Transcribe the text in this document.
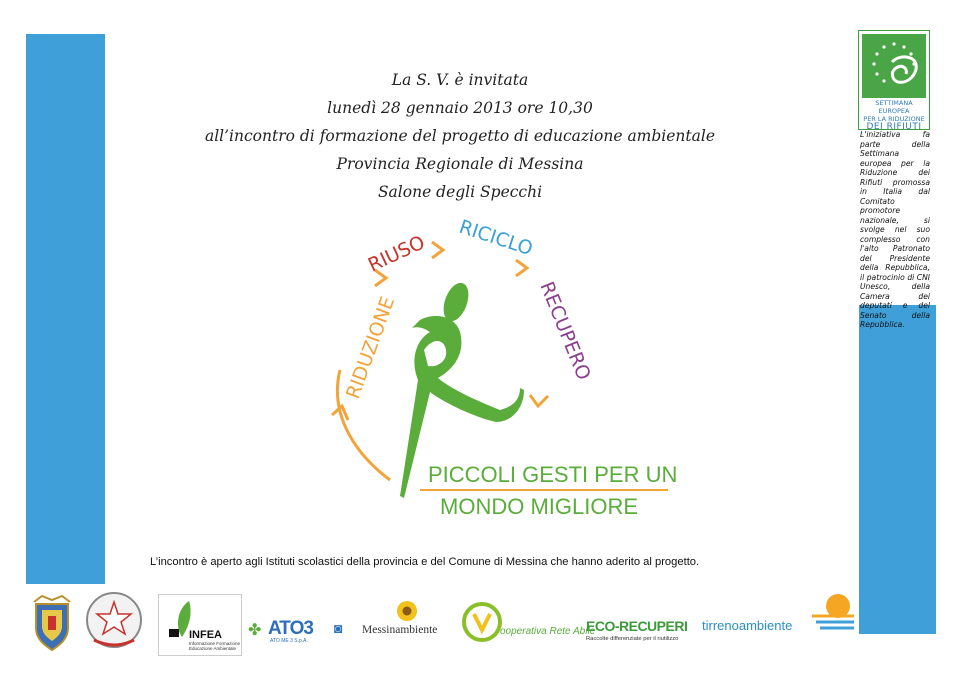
La S. V. è invitata
lunedì 28 gennaio 2013 ore 10,30
all’incontro di formazione del progetto di educazione ambientale
Provincia Regionale di Messina
Salone degli Specchi
RIDUZIONE
RIUSO RICICLO
RECUPERO
PICCOLI GESTI PER UN
MONDO MIGLIORE
SETTIMANA EUROPEA
PER LA RIDUZIONE
DEI RIFIUTI
L'iniziativa fa parte della Settimana europea per la Riduzione dei Rifiuti promossa in Italia dal Comitato promotore nazionale, si svolge nel suo complesso con l'alto Patronato del Presidente della Repubblica, il patrocinio di CNI Unesco, della Camera dei deputati e del Senato della Repubblica.
L’incontro è aperto agli Istituti scolastici della provincia e del Comune di Messina che hanno aderito al progetto.
INFEA
Informazione Formazione
Educazione Ambientale
✤ ATO3
ATO ME 3 S.p.A.
◙ Messinambiente	ooperativa Rete Abile
ECO-RECUPERI
Raccolte differenziate per il riutilizzo
tirrenoambiente
